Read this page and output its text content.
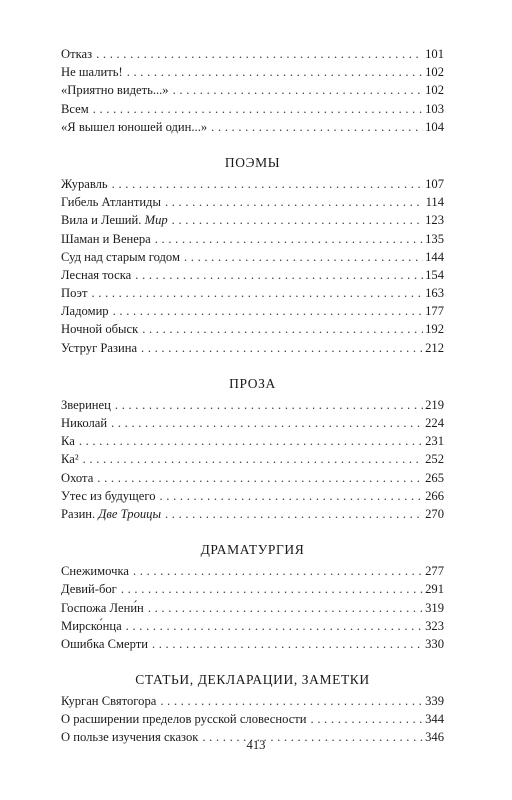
Отказ . . .	101
Не шалить! . . .	102
«Приятно видеть...» . . .	102
Всем . . .	103
«Я вышел юношей один...» . . .	104
ПОЭМЫ
Журавль . . .	107
Гибель Атлантиды . . .	114
Вила и Леший. Мир . . .	123
Шаман и Венера . . .	135
Суд над старым годом . . .	144
Лесная тоска . . .	154
Поэт . . .	163
Ладомир . . .	177
Ночной обыск . . .	192
Уструг Разина . . .	212
ПРОЗА
Зверинец . . .	219
Николай . . .	224
Ка . . .	231
Ка² . . .	252
Охота . . .	265
Утес из будущего . . .	266
Разин. Две Троицы . . .	270
ДРАМАТУРГИЯ
Снежимочка . . .	277
Девий-бог . . .	291
Госпожа Лени́н . . .	319
Мирско́нца . . .	323
Ошибка Смерти . . .	330
СТАТЬИ, ДЕКЛАРАЦИИ, ЗАМЕТКИ
Курган Святогора . . .	339
О расширении пределов русской словесности . . .	344
О пользе изучения сказок . . .	346
413
